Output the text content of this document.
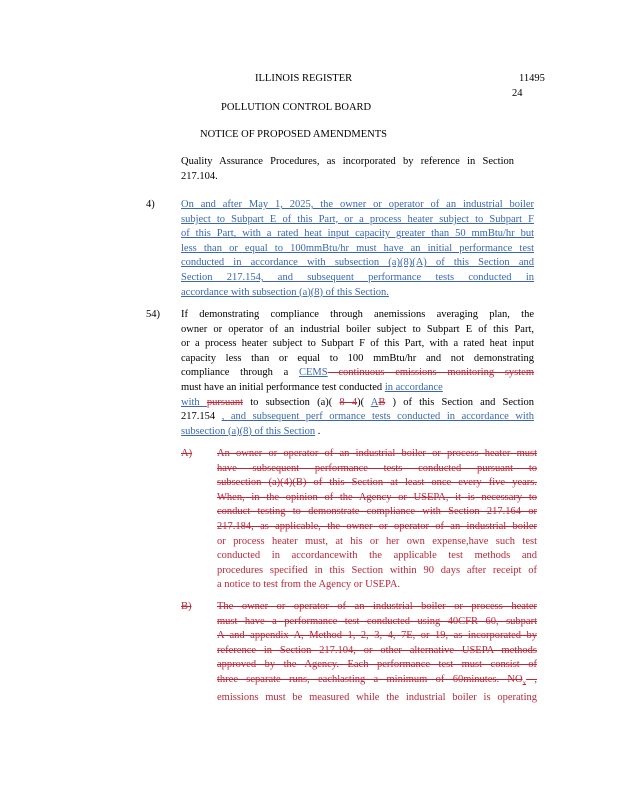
ILLINOIS REGISTER	11495
24
POLLUTION CONTROL BOARD
NOTICE OF PROPOSED AMENDMENTS
Quality Assurance Procedures, as incorporated by reference in Section
217.104.
4)	On and after May 1, 2025, the owner or operator of an industrial boiler
subject to Subpart E of this Part, or a process heater subject to Subpart F
of this Part, with a rated heat input capacity greater than 50 mmBtu/hr but
less than or equal to 100mmBtu/hr must have an initial performance test
conducted in accordance with subsection (a)(8)(A) of this Section and
Section 217.154, and subsequent performance tests conducted in
accordance with subsection (a)(8) of this Section.
54) If demonstrating compliance through anemissions averaging plan, the
owner or operator of an industrial boiler subject to Subpart E of this Part,
or a process heater subject to Subpart F of this Part, with a rated heat input
capacity less than or equal to 100 mmBtu/hr and not demonstrating
compliance through a CEMS continuous emissions monitoring system
must have an initial performance test conducted in accordance
with pursuant to subsection (a)( 8 4)( AB ) of this Section and Section
217.154 , and subsequent perf ormance tests conducted in accordance with
subsection (a)(8) of this Section .
A) An owner or operator of an industrial boiler or process heater must
have subsequent performance tests conducted pursuant to
subsection (a)(4)(B) of this Section at least once every five years.
When, in the opinion of the Agency or USEPA, it is necessary to
conduct testing to demonstrate compliance with Section 217.164 or
217.184, as applicable, the owner or operator of an industrial boiler
or process heater must, at his or her own expense,have such test
conducted in accordancewith the applicable test methods and
procedures specified in this Section within 90 days after receipt of
a notice to test from the Agency or USEPA.
B) The owner or operator of an industrial boiler or process heater
must have a performance test conducted using 40CFR 60, subpart
A and appendix A, Method 1, 2, 3, 4, 7E, or 19, as incorporated by
reference in Section 217.104, or other alternative USEPA methods
approved by the Agency. Each performance test must consist of
three separate runs, eachlasting a minimum of 60minutes. $NO_x$ ,
emissions must be measured while the industrial boiler is operating
